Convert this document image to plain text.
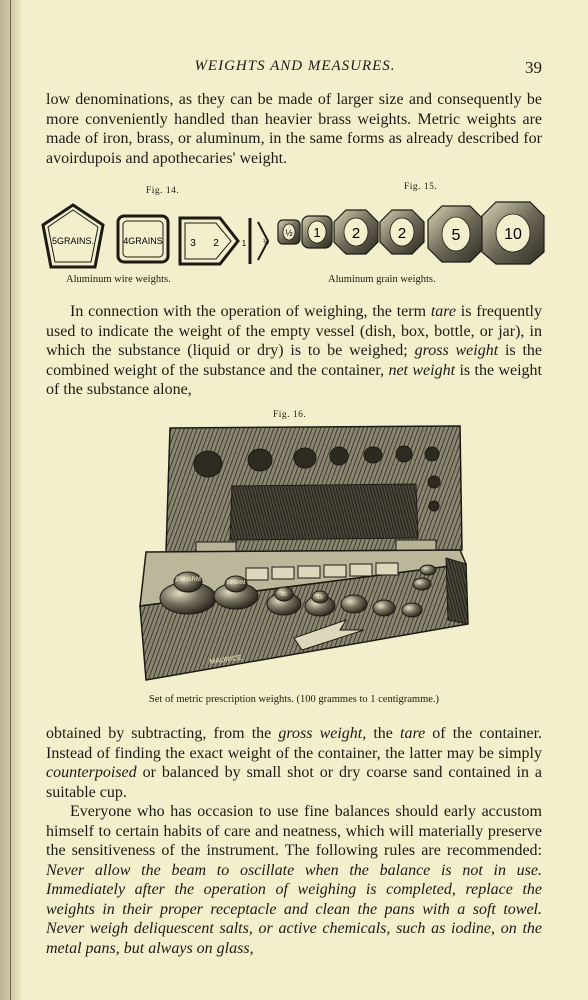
WEIGHTS AND MEASURES.	39

low denominations, as they can be made of larger size and consequently be more conveniently handled than heavier brass weights. Metric weights are made of iron, brass, or aluminum, in the same forms as already described for avoirdupois and apothecaries' weight.

Fig. 14.
5GRAINS.	4GRAINS	3 2	1 ½
Aluminum wire weights.
Fig. 15.
½ 1 2	2	5	10
Aluminum grain weights.

In connection with the operation of weighing, the term tare is frequently used to indicate the weight of the empty vessel (dish, box, bottle, or jar), in which the substance (liquid or dry) is to be weighed; gross weight is the combined weight of the substance and the container, net weight is the weight of the substance alone,

Fig. 16.
100 GRM	50 GRM
20	10
MAURICE
Set of metric prescription weights. (100 grammes to 1 centigramme.)

obtained by subtracting, from the gross weight, the tare of the container. Instead of finding the exact weight of the container, the latter may be simply counterpoised or balanced by small shot or dry coarse sand contained in a suitable cup.

Everyone who has occasion to use fine balances should early accustom himself to certain habits of care and neatness, which will materially preserve the sensitiveness of the instrument. The following rules are recommended: Never allow the beam to oscillate when the balance is not in use. Immediately after the operation of weighing is completed, replace the weights in their proper receptacle and clean the pans with a soft towel. Never weigh deliquescent salts, or active chemicals, such as iodine, on the metal pans, but always on glass,
